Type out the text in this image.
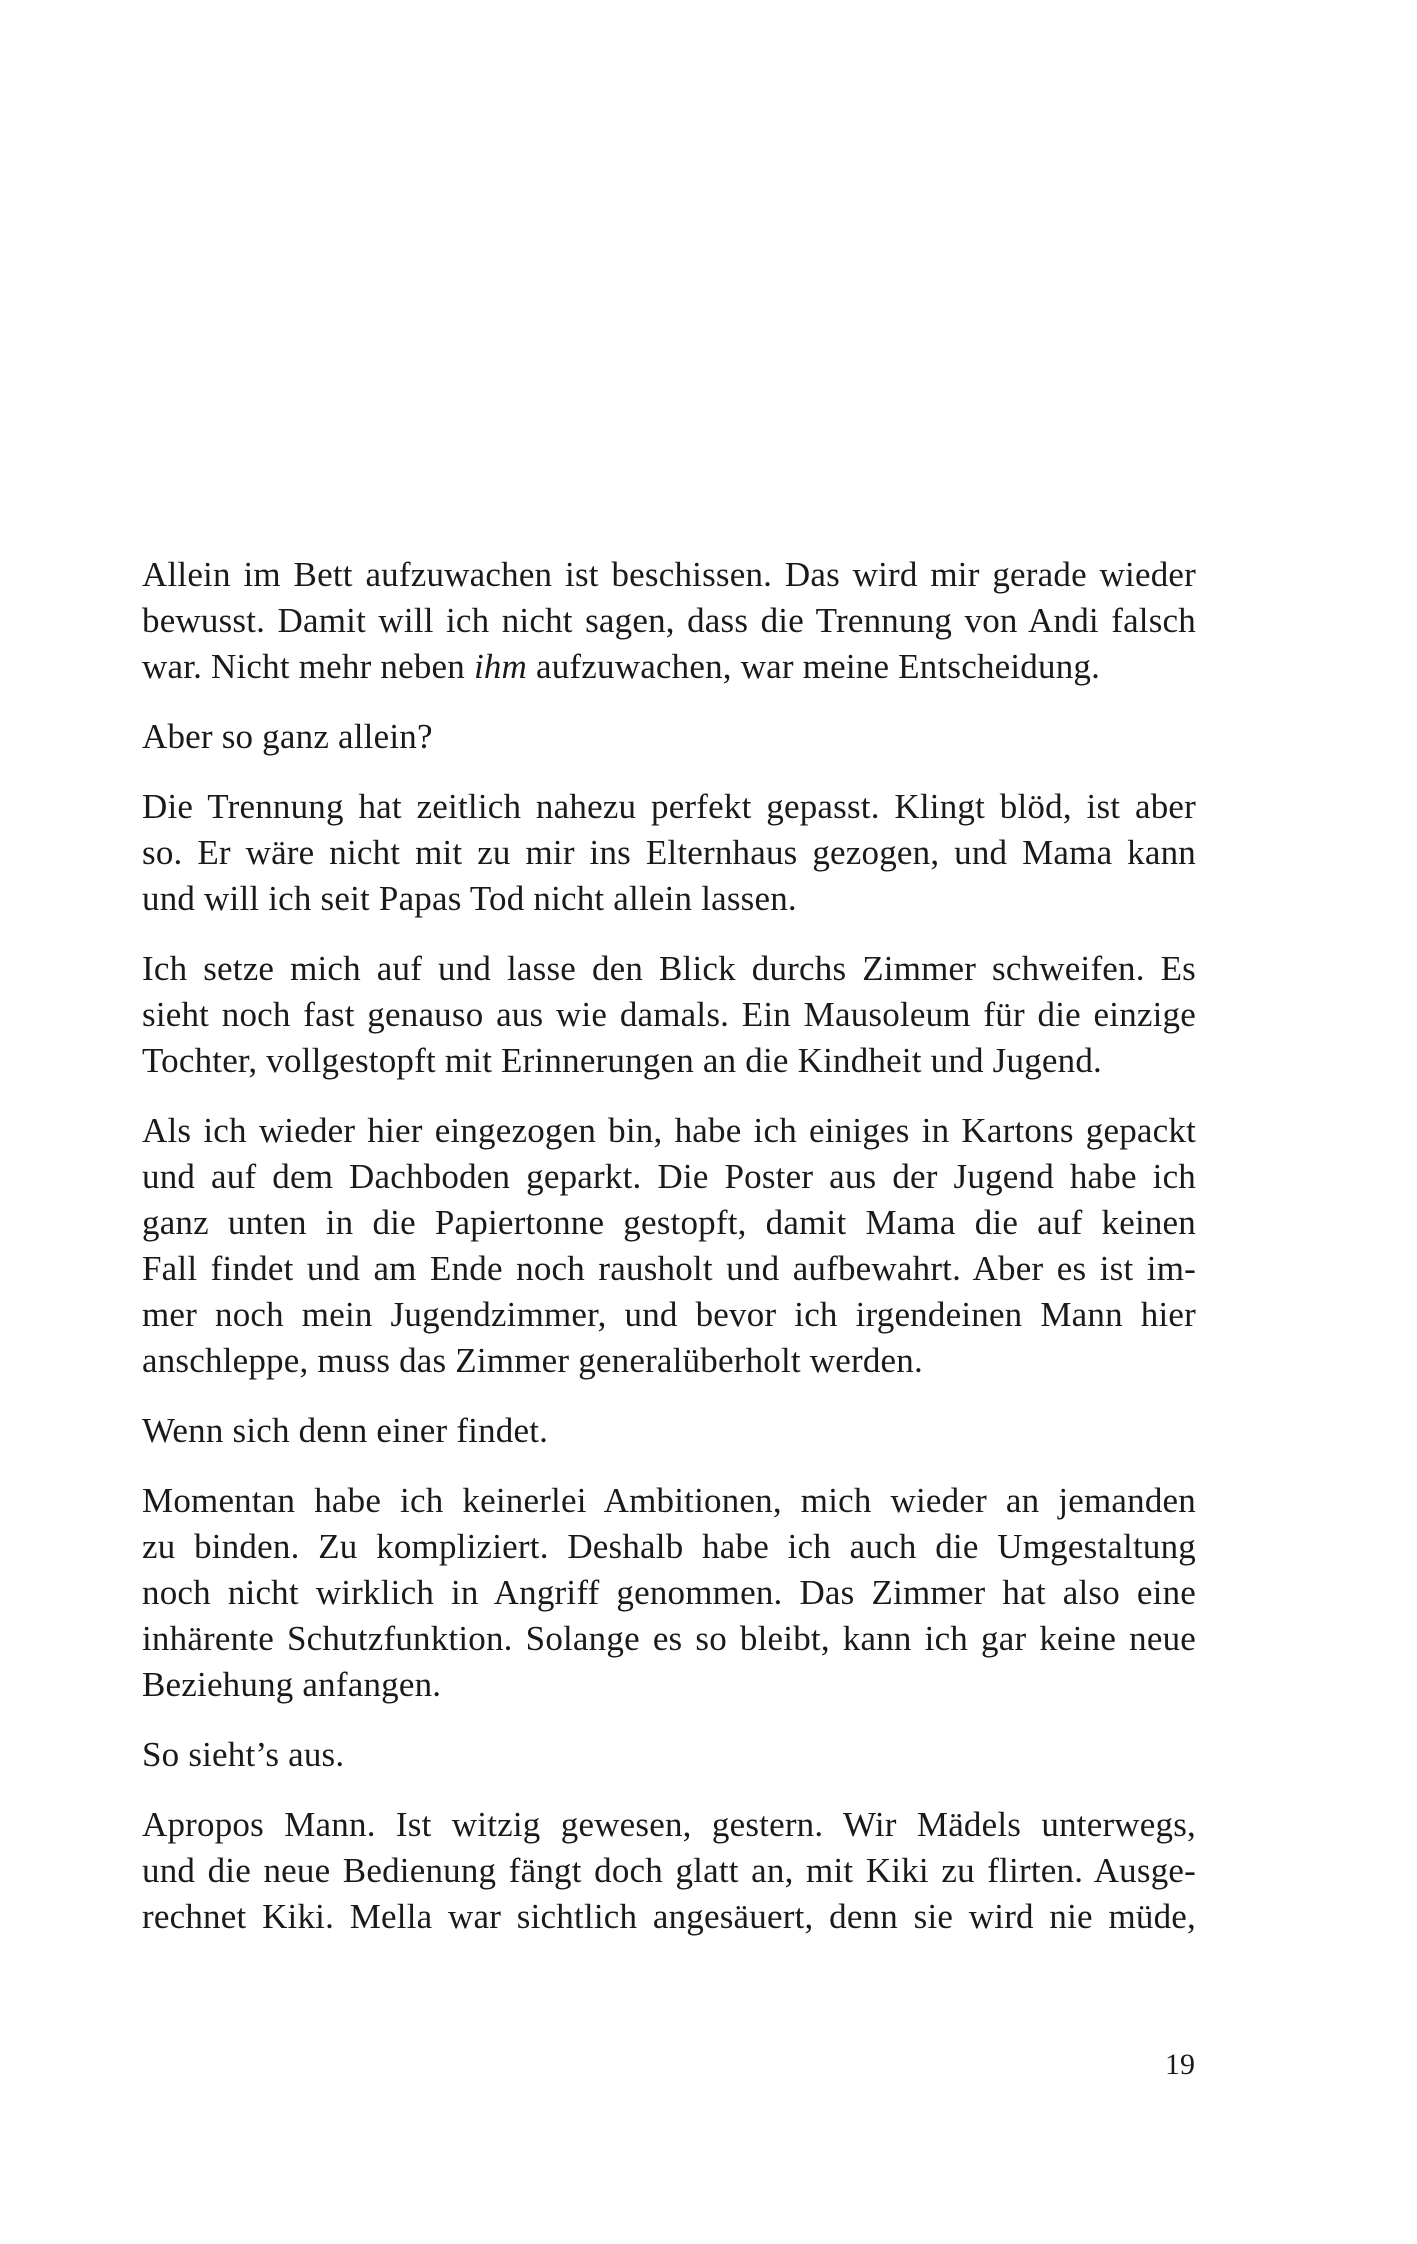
Allein im Bett aufzuwachen ist beschissen. Das wird mir gerade wieder
bewusst. Damit will ich nicht sagen, dass die Trennung von Andi falsch
war. Nicht mehr neben ihm aufzuwachen, war meine Entscheidung.

Aber so ganz allein?

Die Trennung hat zeitlich nahezu perfekt gepasst. Klingt blöd, ist aber
so. Er wäre nicht mit zu mir ins Elternhaus gezogen, und Mama kann
und will ich seit Papas Tod nicht allein lassen.

Ich setze mich auf und lasse den Blick durchs Zimmer schweifen. Es
sieht noch fast genauso aus wie damals. Ein Mausoleum für die einzige
Tochter, vollgestopft mit Erinnerungen an die Kindheit und Jugend.

Als ich wieder hier eingezogen bin, habe ich einiges in Kartons gepackt
und auf dem Dachboden geparkt. Die Poster aus der Jugend habe ich
ganz unten in die Papiertonne gestopft, damit Mama die auf keinen
Fall findet und am Ende noch rausholt und aufbewahrt. Aber es ist im-
mer noch mein Jugendzimmer, und bevor ich irgendeinen Mann hier
anschleppe, muss das Zimmer generalüberholt werden.

Wenn sich denn einer findet.

Momentan habe ich keinerlei Ambitionen, mich wieder an jemanden
zu binden. Zu kompliziert. Deshalb habe ich auch die Umgestaltung
noch nicht wirklich in Angriff genommen. Das Zimmer hat also eine
inhärente Schutzfunktion. Solange es so bleibt, kann ich gar keine neue
Beziehung anfangen.

So sieht’s aus.

Apropos Mann. Ist witzig gewesen, gestern. Wir Mädels unterwegs,
und die neue Bedienung fängt doch glatt an, mit Kiki zu flirten. Ausge-
rechnet Kiki. Mella war sichtlich angesäuert, denn sie wird nie müde,

19
